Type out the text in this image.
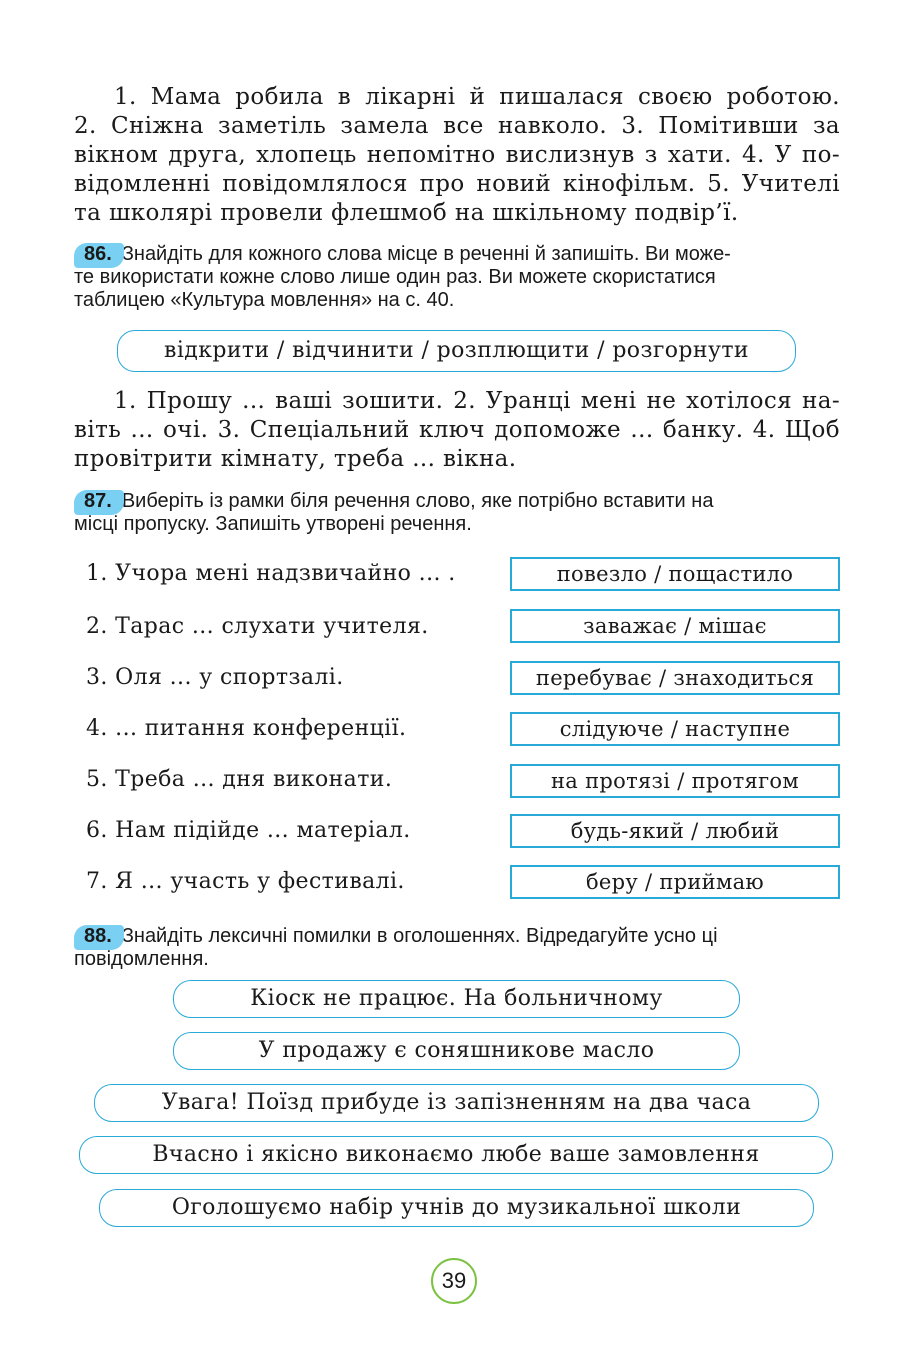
1. Мама робила в лікарні й пишалася своєю роботою.
2. Сніжна заметіль замела все навколо. 3. Помітивши за
вікном друга, хлопець непомітно вислизнув з хати. 4. У по-
відомленні повідомлялося про новий кінофільм. 5. Учителі
та школярі провели флешмоб на шкільному подвір’ї.
86. Знайдіть для кожного слова місце в реченні й запишіть. Ви може-
те використати кожне слово лише один раз. Ви можете скористатися
таблицею «Культура мовлення» на с. 40.
відкрити / відчинити / розплющити / розгорнути
1. Прошу ... ваші зошити. 2. Уранці мені не хотілося на-
віть ... очі. 3. Спеціальний ключ допоможе ... банку. 4. Щоб
провітрити кімнату, треба ... вікна.
87. Виберіть із рамки біля речення слово, яке потрібно вставити на
місці пропуску. Запишіть утворені речення.
1. Учора мені надзвичайно ... .	повезло / пощастило
2. Тарас ... слухати учителя.	заважає / мішає
3. Оля ... у спортзалі.	перебуває / знаходиться
4. ... питання конференції.	слідуюче / наступне
5. Треба ... дня виконати.	на протязі / протягом
6. Нам підійде ... матеріал.	будь-який / любий
7. Я ... участь у фестивалі.	беру / приймаю
88. Знайдіть лексичні помилки в оголошеннях. Відредагуйте усно ці
повідомлення.
Кіоск не працює. На больничному
У продажу є соняшникове масло
Увага! Поїзд прибуде із запізненням на два часа
Вчасно і якісно виконаємо любе ваше замовлення
Оголошуємо набір учнів до музикальної школи
39
